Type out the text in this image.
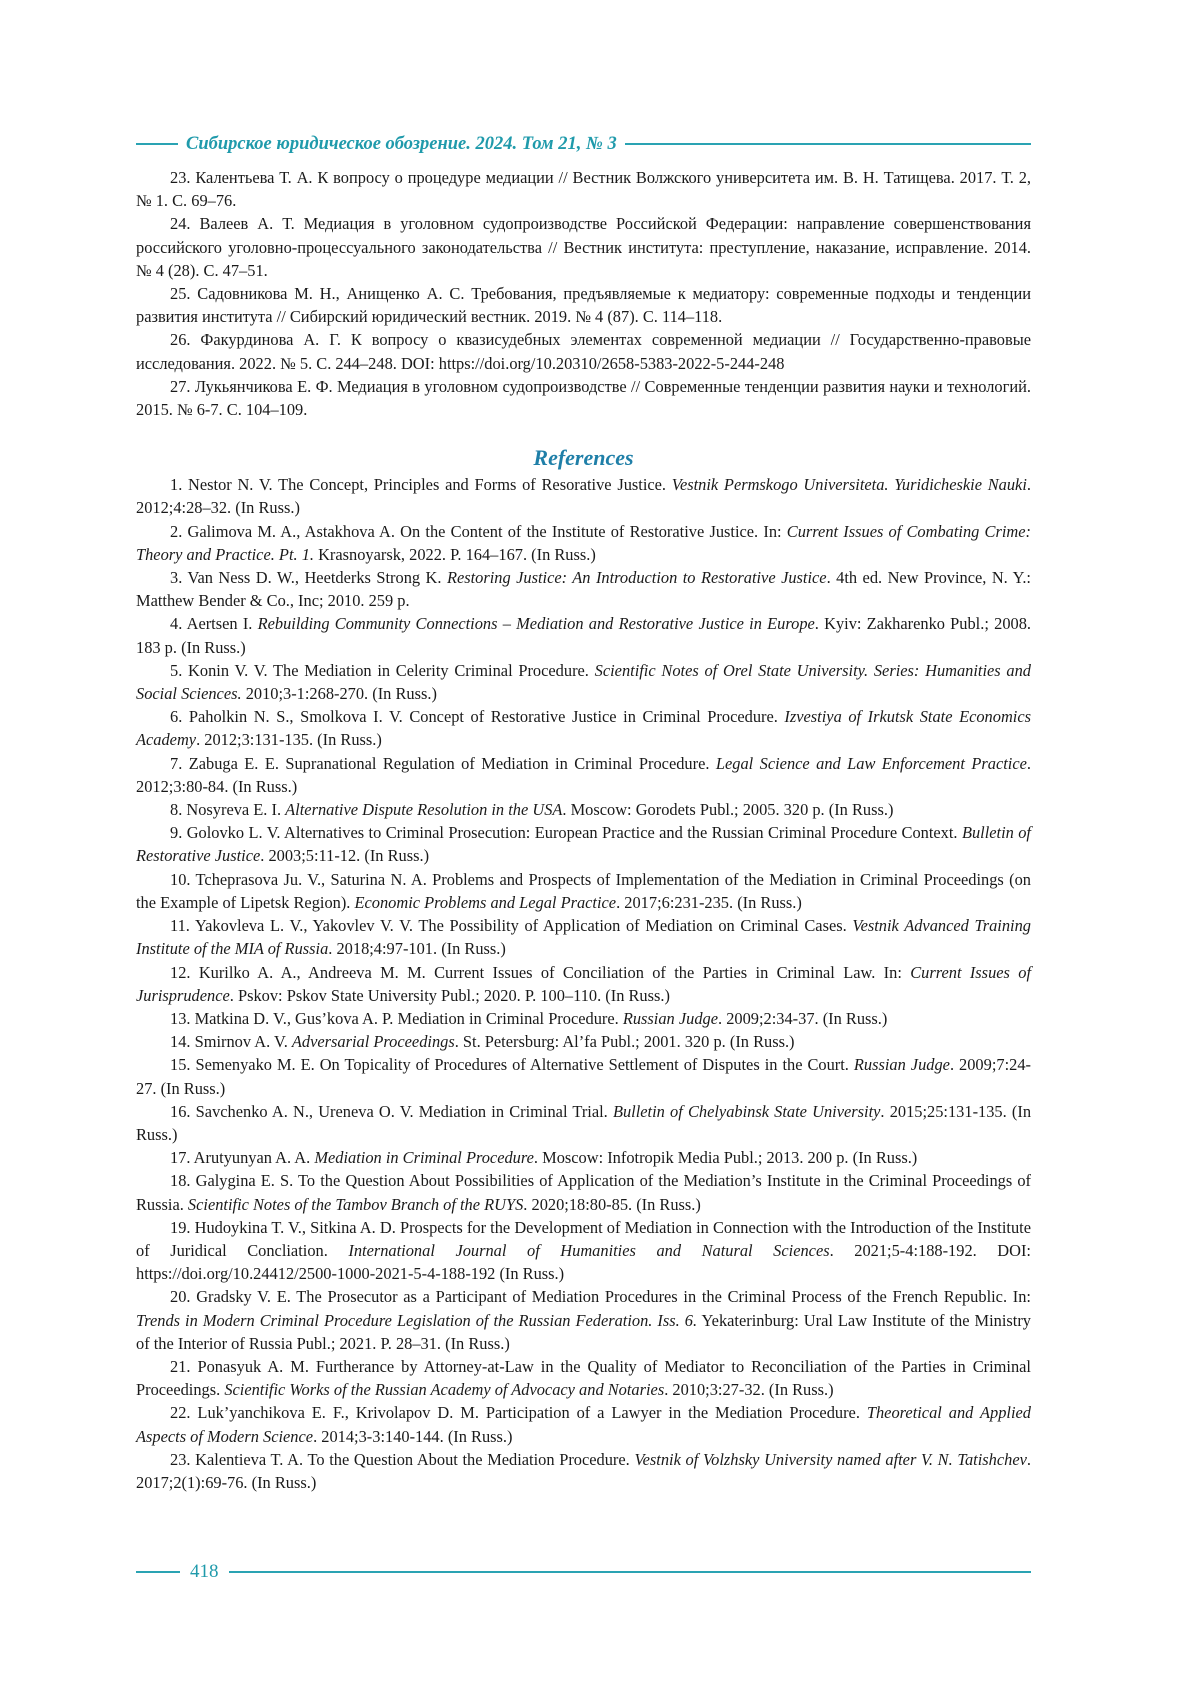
Сибирское юридическое обозрение. 2024. Том 21, № 3

23. Калентьева Т. А. К вопросу о процедуре медиации // Вестник Волжского университета им. В. Н. Татищева. 2017. Т. 2, № 1. С. 69–76.

24. Валеев А. Т. Медиация в уголовном судопроизводстве Российской Федерации: направление совершенствования российского уголовно-процессуального законодательства // Вестник института: преступление, наказание, исправление. 2014. № 4 (28). С. 47–51.

25. Садовникова М. Н., Анищенко А. С. Требования, предъявляемые к медиатору: современные подходы и тенденции развития института // Сибирский юридический вестник. 2019. № 4 (87). С. 114–118.

26. Факурдинова А. Г. К вопросу о квазисудебных элементах современной медиации // Государственно-правовые исследования. 2022. № 5. С. 244–248. DOI: https://doi.org/10.20310/2658-5383-2022-5-244-248

27. Лукьянчикова Е. Ф. Медиация в уголовном судопроизводстве // Современные тенденции развития науки и технологий. 2015. № 6-7. С. 104–109.

References

1. Nestor N. V. The Concept, Principles and Forms of Resorative Justice. Vestnik Permskogo Universiteta. Yuridicheskie Nauki. 2012;4:28–32. (In Russ.)

2. Galimova M. A., Astakhova A. On the Content of the Institute of Restorative Justice. In: Current Issues of Combating Crime: Theory and Practice. Pt. 1. Krasnoyarsk, 2022. P. 164–167. (In Russ.)

3. Van Ness D. W., Heetderks Strong K. Restoring Justice: An Introduction to Restorative Justice. 4th ed. New Province, N. Y.: Matthew Bender & Co., Inc; 2010. 259 p.

4. Aertsen I. Rebuilding Community Connections – Mediation and Restorative Justice in Europe. Kyiv: Zakharenko Publ.; 2008. 183 p. (In Russ.)

5. Konin V. V. The Mediation in Celerity Criminal Procedure. Scientific Notes of Orel State University. Series: Humanities and Social Sciences. 2010;3-1:268-270. (In Russ.)

6. Paholkin N. S., Smolkova I. V. Concept of Restorative Justice in Criminal Procedure. Izvestiya of Irkutsk State Economics Academy. 2012;3:131-135. (In Russ.)

7. Zabuga E. E. Supranational Regulation of Mediation in Criminal Procedure. Legal Science and Law Enforcement Practice. 2012;3:80-84. (In Russ.)

8. Nosyreva E. I. Alternative Dispute Resolution in the USA. Moscow: Gorodets Publ.; 2005. 320 p. (In Russ.)

9. Golovko L. V. Alternatives to Criminal Prosecution: European Practice and the Russian Criminal Procedure Context. Bulletin of Restorative Justice. 2003;5:11-12. (In Russ.)

10. Tcheprasova Ju. V., Saturina N. A. Problems and Prospects of Implementation of the Mediation in Criminal Proceedings (on the Example of Lipetsk Region). Economic Problems and Legal Practice. 2017;6:231-235. (In Russ.)

11. Yakovleva L. V., Yakovlev V. V. The Possibility of Application of Mediation on Criminal Cases. Vestnik Advanced Training Institute of the MIA of Russia. 2018;4:97-101. (In Russ.)

12. Kurilko A. A., Andreeva M. M. Current Issues of Conciliation of the Parties in Criminal Law. In: Current Issues of Jurisprudence. Pskov: Pskov State University Publ.; 2020. P. 100–110. (In Russ.)

13. Matkina D. V., Gus’kova A. P. Mediation in Criminal Procedure. Russian Judge. 2009;2:34-37. (In Russ.)

14. Smirnov A. V. Adversarial Proceedings. St. Petersburg: Al’fa Publ.; 2001. 320 p. (In Russ.)

15. Semenyako M. E. On Topicality of Procedures of Alternative Settlement of Disputes in the Court. Russian Judge. 2009;7:24-27. (In Russ.)

16. Savchenko A. N., Ureneva O. V. Mediation in Criminal Trial. Bulletin of Chelyabinsk State University. 2015;25:131-135. (In Russ.)

17. Arutyunyan A. A. Mediation in Criminal Procedure. Moscow: Infotropik Media Publ.; 2013. 200 p. (In Russ.)

18. Galygina E. S. To the Question About Possibilities of Application of the Mediation’s Institute in the Criminal Proceedings of Russia. Scientific Notes of the Tambov Branch of the RUYS. 2020;18:80-85. (In Russ.)

19. Hudoykina T. V., Sitkina A. D. Prospects for the Development of Mediation in Connection with the Introduction of the Institute of Juridical Concliation. International Journal of Humanities and Natural Sciences. 2021;5-4:188-192. DOI: https://doi.org/10.24412/2500-1000-2021-5-4-188-192 (In Russ.)

20. Gradsky V. E. The Prosecutor as a Participant of Mediation Procedures in the Criminal Process of the French Republic. In: Trends in Modern Criminal Procedure Legislation of the Russian Federation. Iss. 6. Yekaterinburg: Ural Law Institute of the Ministry of the Interior of Russia Publ.; 2021. P. 28–31. (In Russ.)

21. Ponasyuk A. M. Furtherance by Attorney-at-Law in the Quality of Mediator to Reconciliation of the Parties in Criminal Proceedings. Scientific Works of the Russian Academy of Advocacy and Notaries. 2010;3:27-32. (In Russ.)

22. Luk’yanchikova E. F., Krivolapov D. M. Participation of a Lawyer in the Mediation Procedure. Theoretical and Applied Aspects of Modern Science. 2014;3-3:140-144. (In Russ.)

23. Kalentieva T. A. To the Question About the Mediation Procedure. Vestnik of Volzhsky University named after V. N. Tatishchev. 2017;2(1):69-76. (In Russ.)

418
